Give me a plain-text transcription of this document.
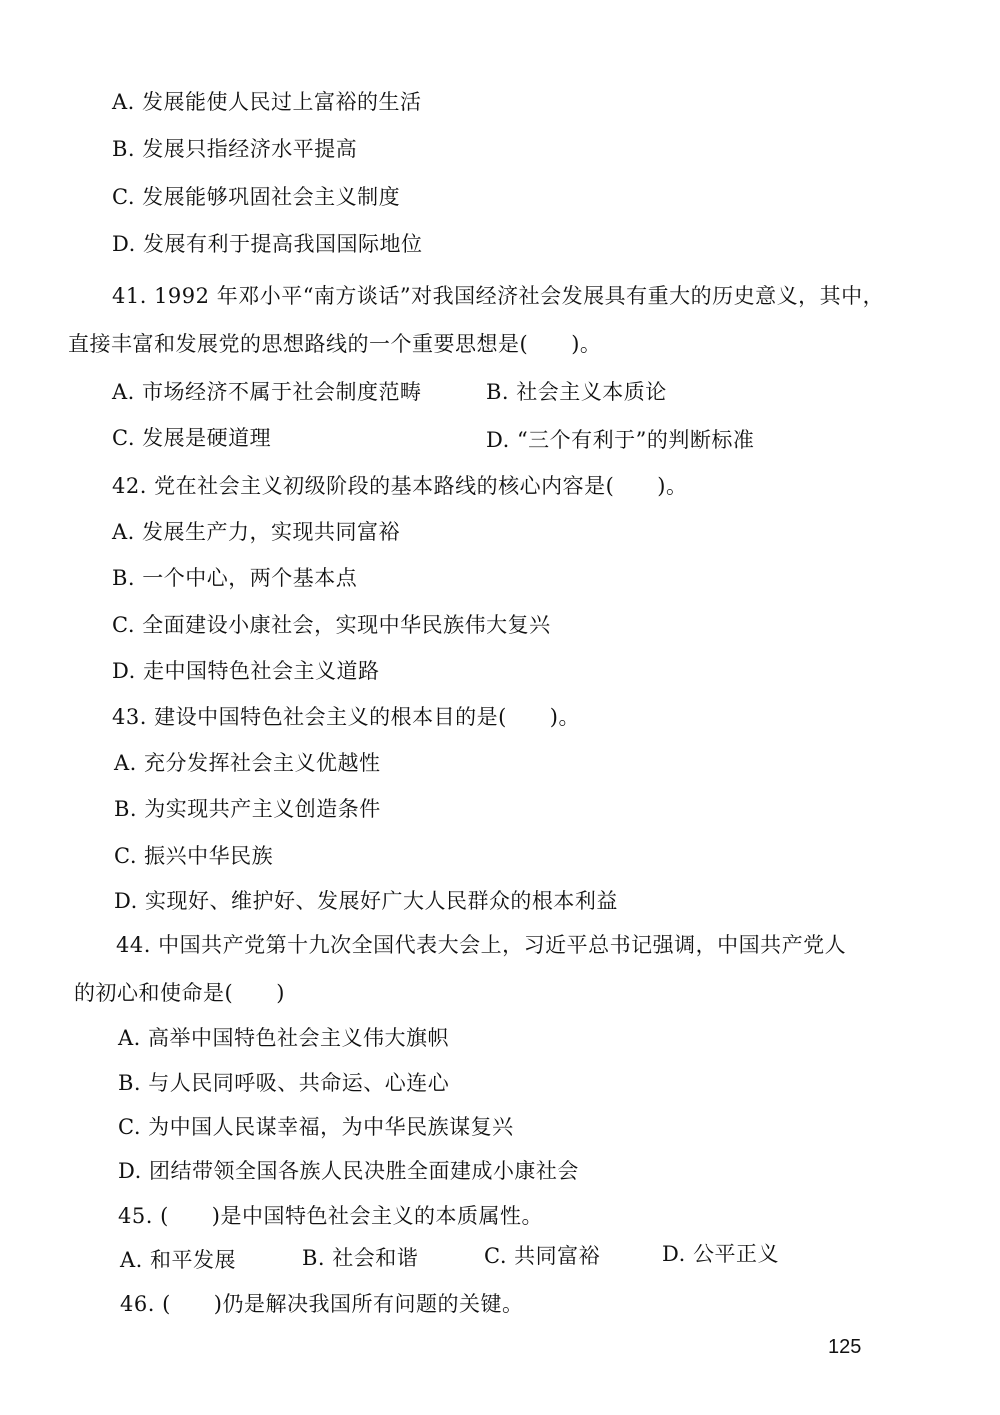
A. 发展能使人民过上富裕的生活
B. 发展只指经济水平提高
C. 发展能够巩固社会主义制度
D. 发展有利于提高我国国际地位
41. 1992 年邓小平“南方谈话”对我国经济社会发展具有重大的历史意义，其中，
直接丰富和发展党的思想路线的一个重要思想是(　　)。
A. 市场经济不属于社会制度范畴	B. 社会主义本质论
C. 发展是硬道理	D. “三个有利于”的判断标准
42. 党在社会主义初级阶段的基本路线的核心内容是(　　)。
A. 发展生产力，实现共同富裕
B. 一个中心，两个基本点
C. 全面建设小康社会，实现中华民族伟大复兴
D. 走中国特色社会主义道路
43. 建设中国特色社会主义的根本目的是(　　)。
A. 充分发挥社会主义优越性
B. 为实现共产主义创造条件
C. 振兴中华民族
D. 实现好、维护好、发展好广大人民群众的根本利益
44. 中国共产党第十九次全国代表大会上，习近平总书记强调，中国共产党人
的初心和使命是(　　)
A. 高举中国特色社会主义伟大旗帜
B. 与人民同呼吸、共命运、心连心
C. 为中国人民谋幸福，为中华民族谋复兴
D. 团结带领全国各族人民决胜全面建成小康社会
45. (　　)是中国特色社会主义的本质属性。
A. 和平发展	B. 社会和谐	C. 共同富裕	D. 公平正义
46. (　　)仍是解决我国所有问题的关键。
125
